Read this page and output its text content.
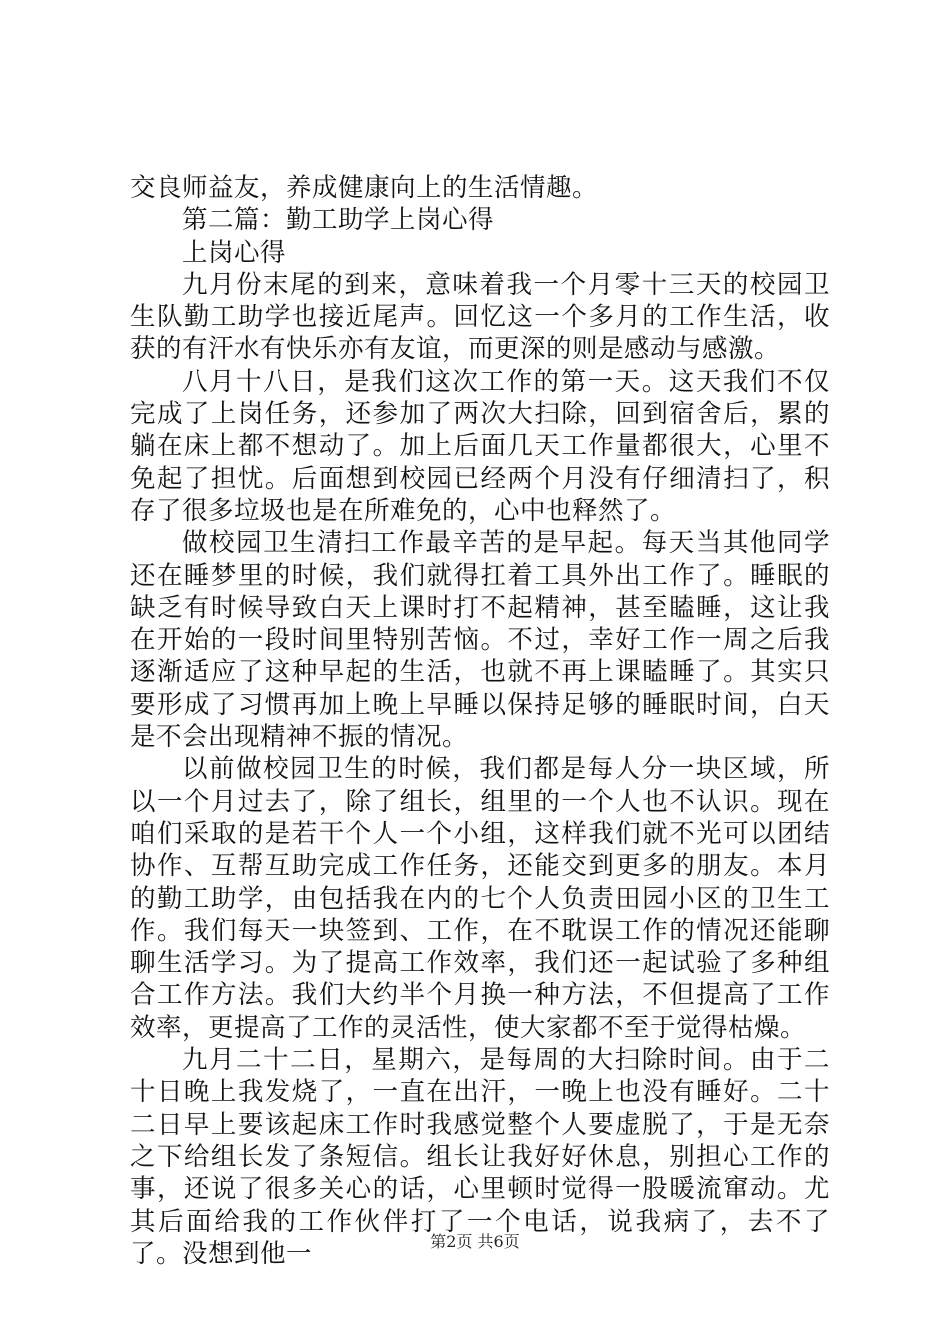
交良师益友，养成健康向上的生活情趣。

第二篇：勤工助学上岗心得

上岗心得

九月份末尾的到来，意味着我一个月零十三天的校园卫生队勤工助学也接近尾声。回忆这一个多月的工作生活，收获的有汗水有快乐亦有友谊，而更深的则是感动与感激。

八月十八日，是我们这次工作的第一天。这天我们不仅完成了上岗任务，还参加了两次大扫除，回到宿舍后，累的躺在床上都不想动了。加上后面几天工作量都很大，心里不免起了担忧。后面想到校园已经两个月没有仔细清扫了，积存了很多垃圾也是在所难免的，心中也释然了。

做校园卫生清扫工作最辛苦的是早起。每天当其他同学还在睡梦里的时候，我们就得扛着工具外出工作了。睡眠的缺乏有时候导致白天上课时打不起精神，甚至瞌睡，这让我在开始的一段时间里特别苦恼。不过，幸好工作一周之后我逐渐适应了这种早起的生活，也就不再上课瞌睡了。其实只要形成了习惯再加上晚上早睡以保持足够的睡眠时间，白天是不会出现精神不振的情况。

以前做校园卫生的时候，我们都是每人分一块区域，所以一个月过去了，除了组长，组里的一个人也不认识。现在咱们采取的是若干个人一个小组，这样我们就不光可以团结协作、互帮互助完成工作任务，还能交到更多的朋友。本月的勤工助学，由包括我在内的七个人负责田园小区的卫生工作。我们每天一块签到、工作，在不耽误工作的情况还能聊聊生活学习。为了提高工作效率，我们还一起试验了多种组合工作方法。我们大约半个月换一种方法，不但提高了工作效率，更提高了工作的灵活性，使大家都不至于觉得枯燥。

九月二十二日，星期六，是每周的大扫除时间。由于二十日晚上我发烧了，一直在出汗，一晚上也没有睡好。二十二日早上要该起床工作时我感觉整个人要虚脱了，于是无奈之下给组长发了条短信。组长让我好好休息，别担心工作的事，还说了很多关心的话，心里顿时觉得一股暖流窜动。尤其后面给我的工作伙伴打了一个电话，说我病了，去不了了。没想到他一	第2页 共6页
